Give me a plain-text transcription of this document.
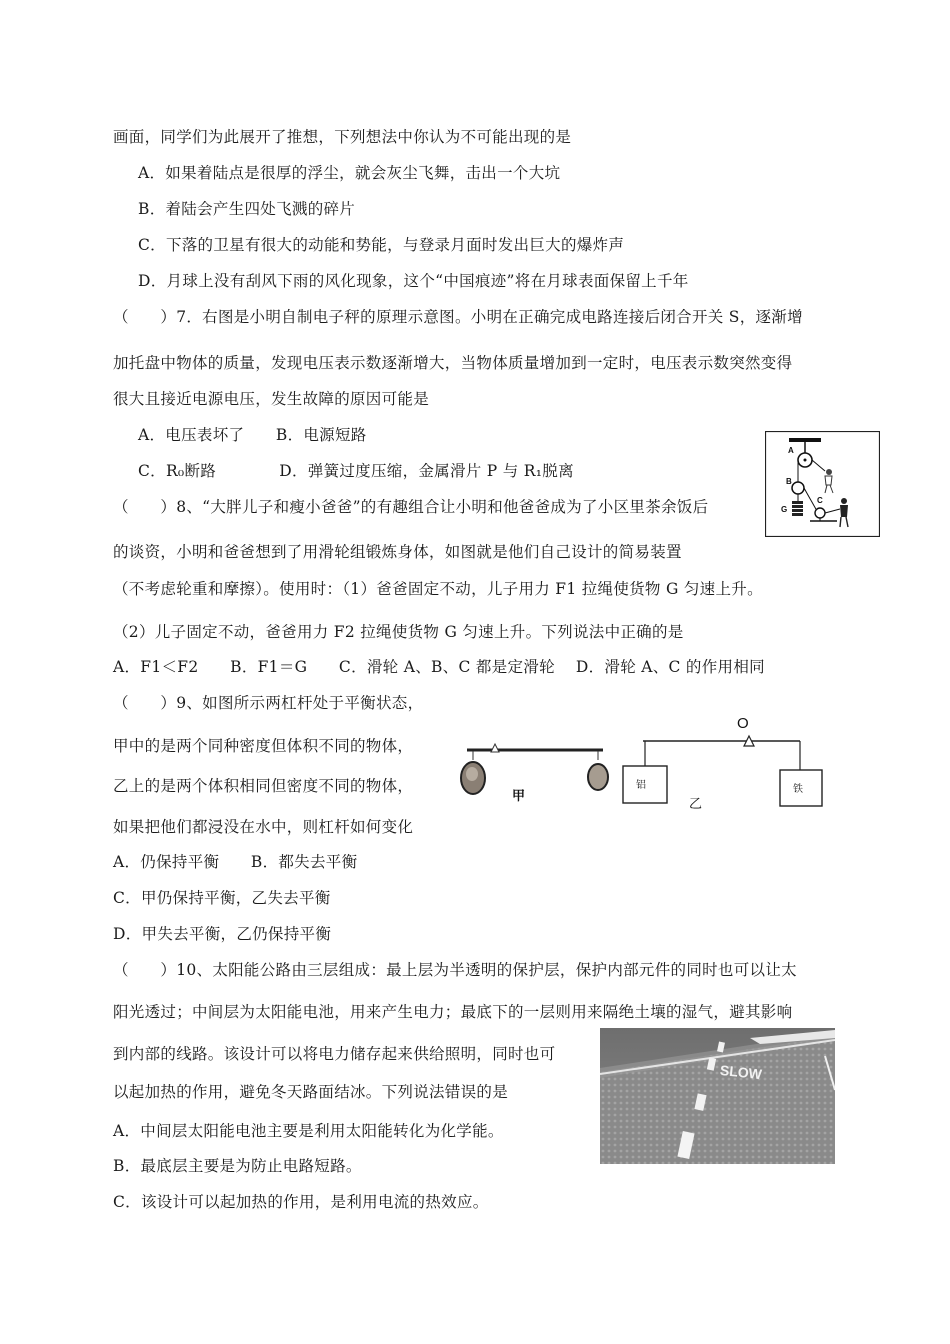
画面，同学们为此展开了推想，下列想法中你认为不可能出现的是
A．如果着陆点是很厚的浮尘，就会灰尘飞舞，击出一个大坑
B．着陆会产生四处飞溅的碎片
C．下落的卫星有很大的动能和势能，与登录月面时发出巨大的爆炸声
D．月球上没有刮风下雨的风化现象，这个“中国痕迹”将在月球表面保留上千年
（　　）7．右图是小明自制电子秤的原理示意图。小明在正确完成电路连接后闭合开关 S，逐渐增
加托盘中物体的质量，发现电压表示数逐渐增大，当物体质量增加到一定时，电压表示数突然变得
很大且接近电源电压，发生故障的原因可能是
A．电压表坏了　　B．电源短路
C．R₀断路　　　　D．弹簧过度压缩，金属滑片 P 与 R₁脱离
A
B
C
G
（　　）8、“大胖儿子和瘦小爸爸”的有趣组合让小明和他爸爸成为了小区里茶余饭后
的谈资，小明和爸爸想到了用滑轮组锻炼身体，如图就是他们自己设计的简易装置
（不考虑轮重和摩擦）。使用时：（1）爸爸固定不动，儿子用力 F1 拉绳使货物 G 匀速上升。
（2）儿子固定不动，爸爸用力 F2 拉绳使货物 G 匀速上升。下列说法中正确的是
A．F1＜F2　　B．F1＝G　　C．滑轮 A、B、C 都是定滑轮　 D．滑轮 A、C 的作用相同
（　　）9、如图所示两杠杆处于平衡状态，
甲中的是两个同种密度但体积不同的物体，
乙上的是两个体积相同但密度不同的物体，
如果把他们都浸没在水中，则杠杆如何变化
A．仍保持平衡　　B．都失去平衡
C．甲仍保持平衡，乙失去平衡
D．甲失去平衡，乙仍保持平衡
甲
O
铝	铁
乙
（　　）10、太阳能公路由三层组成：最上层为半透明的保护层，保护内部元件的同时也可以让太
阳光透过；中间层为太阳能电池，用来产生电力；最底下的一层则用来隔绝土壤的湿气，避其影响
到内部的线路。该设计可以将电力储存起来供给照明，同时也可
以起加热的作用，避免冬天路面结冰。下列说法错误的是
A．中间层太阳能电池主要是利用太阳能转化为化学能。
B．最底层主要是为防止电路短路。
C．该设计可以起加热的作用，是利用电流的热效应。
SLOW
